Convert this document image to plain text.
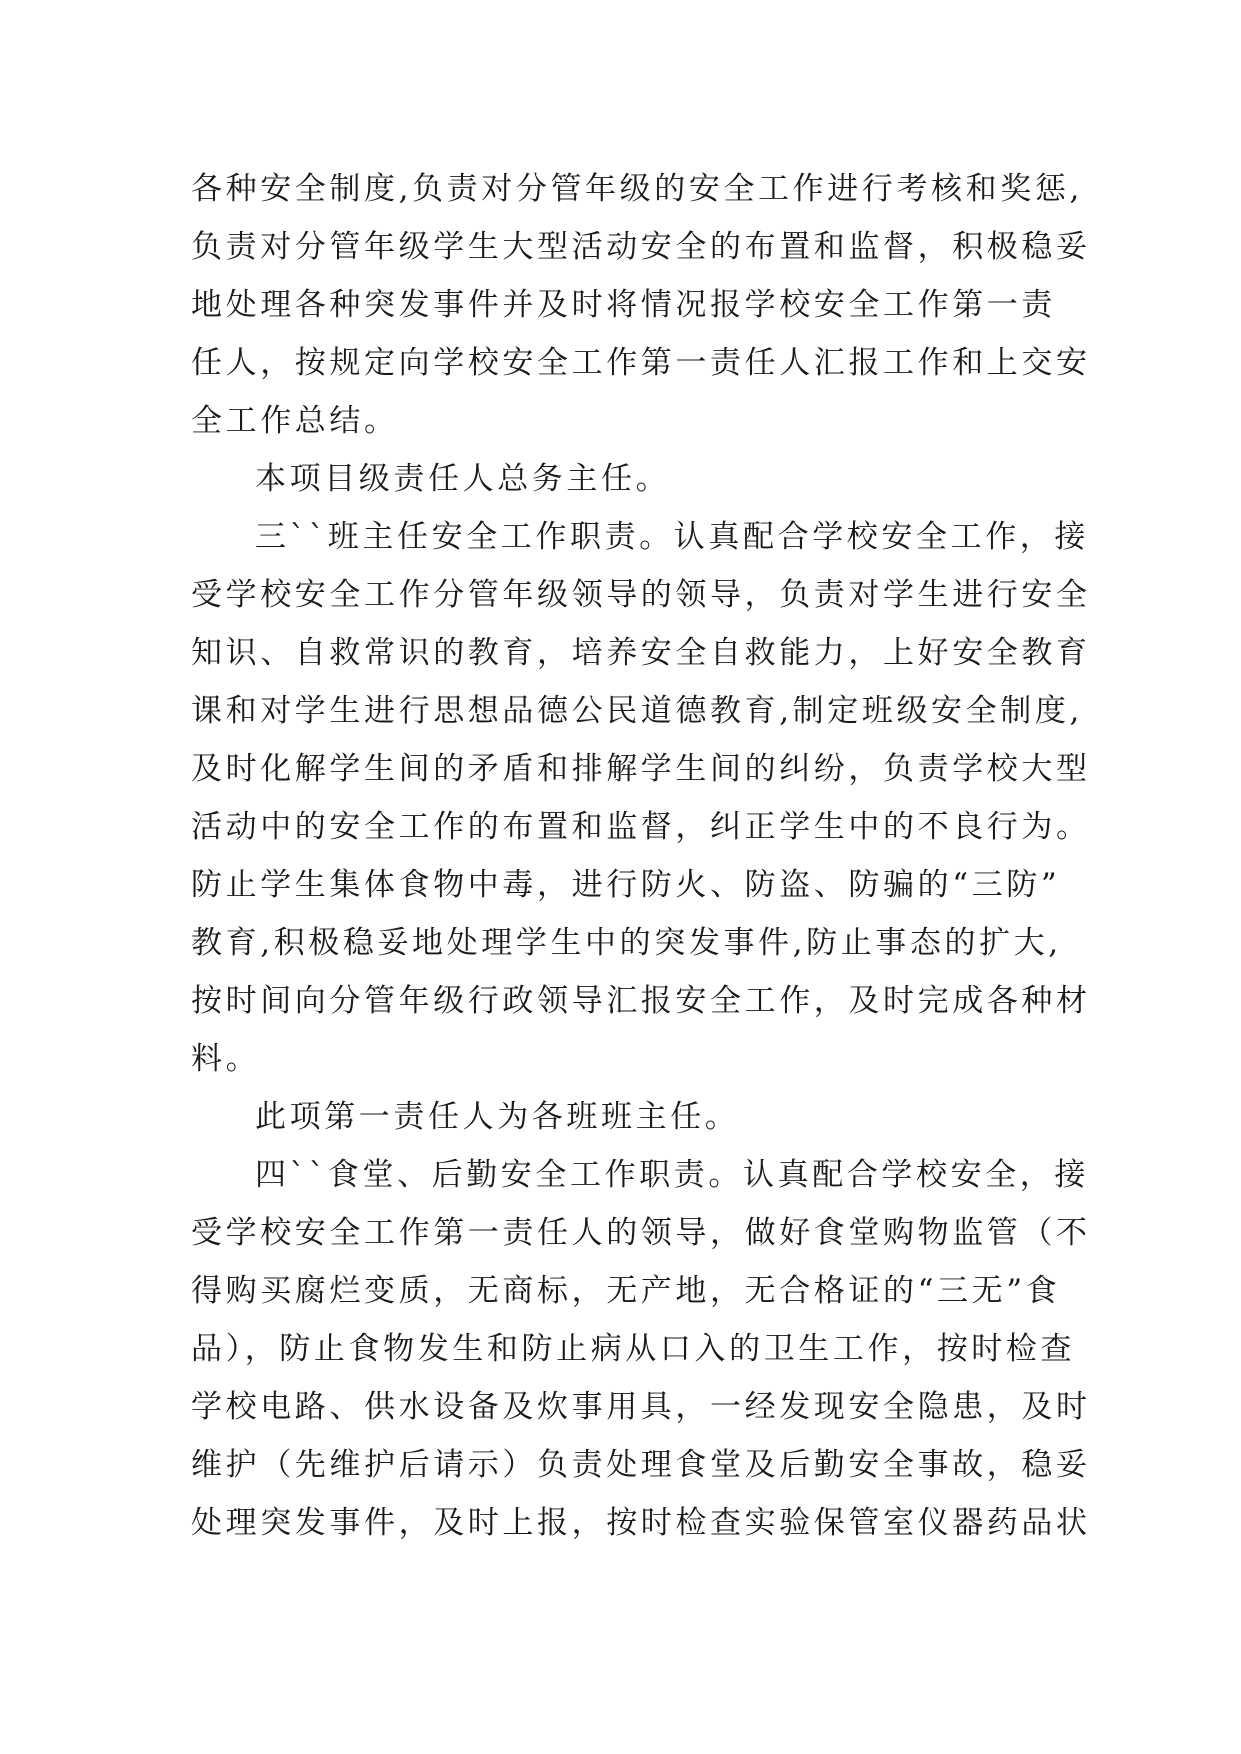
各种安全制度,负责对分管年级的安全工作进行考核和奖惩,
负责对分管年级学生大型活动安全的布置和监督，积极稳妥
地处理各种突发事件并及时将情况报学校安全工作第一责
任人，按规定向学校安全工作第一责任人汇报工作和上交安
全工作总结。
本项目级责任人总务主任。
三``班主任安全工作职责。认真配合学校安全工作，接
受学校安全工作分管年级领导的领导，负责对学生进行安全
知识、自救常识的教育，培养安全自救能力，上好安全教育
课和对学生进行思想品德公民道德教育,制定班级安全制度,
及时化解学生间的矛盾和排解学生间的纠纷，负责学校大型
活动中的安全工作的布置和监督，纠正学生中的不良行为。
防止学生集体食物中毒，进行防火、防盗、防骗的“三防”
教育,积极稳妥地处理学生中的突发事件,防止事态的扩大,
按时间向分管年级行政领导汇报安全工作，及时完成各种材
料。
此项第一责任人为各班班主任。
四``食堂、后勤安全工作职责。认真配合学校安全，接
受学校安全工作第一责任人的领导，做好食堂购物监管（不
得购买腐烂变质，无商标，无产地，无合格证的“三无”食
品），防止食物发生和防止病从口入的卫生工作，按时检查
学校电路、供水设备及炊事用具，一经发现安全隐患，及时
维护（先维护后请示）负责处理食堂及后勤安全事故，稳妥
处理突发事件，及时上报，按时检查实验保管室仪器药品状
